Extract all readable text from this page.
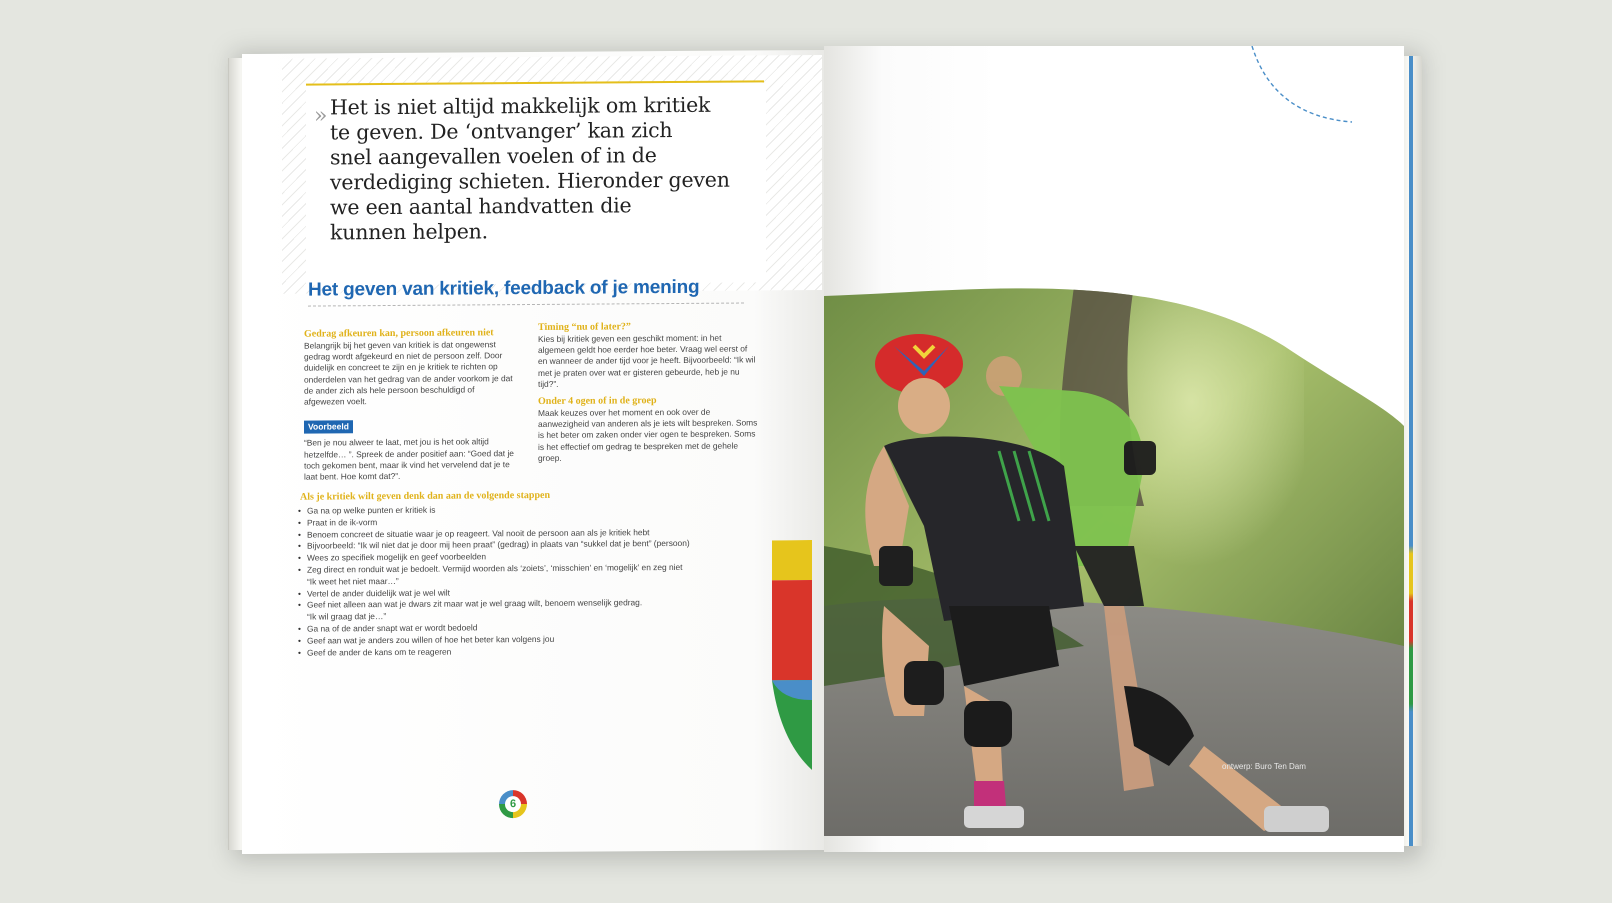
» Het is niet altijd makkelijk om kritiek
te geven. De ‘ontvanger’ kan zich
snel aangevallen voelen of in de
verdediging schieten. Hieronder geven
we een aantal handvatten die
kunnen helpen.
Het geven van kritiek, feedback of je mening
Gedrag afkeuren kan, persoon afkeuren niet

Belangrijk bij het geven van kritiek is dat ongewenst gedrag wordt afgekeurd en niet de persoon zelf. Door duidelijk en concreet te zijn en je kritiek te richten op onderdelen van het gedrag van de ander voorkom je dat de ander zich als hele persoon beschuldigd of afgewezen voelt.

Voorbeeld

“Ben je nou alweer te laat, met jou is het ook altijd hetzelfde… ”. Spreek de ander positief aan: “Goed dat je toch gekomen bent, maar ik vind het vervelend dat je te laat bent. Hoe komt dat?”.

Timing “nu of later?”

Kies bij kritiek geven een geschikt moment: in het algemeen geldt hoe eerder hoe beter. Vraag wel eerst of en wanneer de ander tijd voor je heeft. Bijvoorbeeld: “Ik wil met je praten over wat er gisteren gebeurde, heb je nu tijd?”.

Onder 4 ogen of in de groep

Maak keuzes over het moment en ook over de aanwezigheid van anderen als je iets wilt bespreken. Soms is het beter om zaken onder vier ogen te bespreken. Soms is het effectief om gedrag te bespreken met de gehele groep.

Als je kritiek wilt geven denk dan aan de volgende stappen
• Ga na op welke punten er kritiek is
• Praat in de ik-vorm
• Benoem concreet de situatie waar je op reageert. Val nooit de persoon aan als je kritiek hebt
• Bijvoorbeeld: “Ik wil niet dat je door mij heen praat” (gedrag) in plaats van “sukkel dat je bent” (persoon)
• Wees zo specifiek mogelijk en geef voorbeelden
• Zeg direct en ronduit wat je bedoelt. Vermijd woorden als ‘zoiets’, ‘misschien’ en ‘mogelijk’ en zeg niet
“Ik weet het niet maar…”
• Vertel de ander duidelijk wat je wel wilt
• Geef niet alleen aan wat je dwars zit maar wat je wel graag wilt, benoem wenselijk gedrag.
“Ik wil graag dat je…”
• Ga na of de ander snapt wat er wordt bedoeld
• Geef aan wat je anders zou willen of hoe het beter kan volgens jou
• Geef de ander de kans om te reageren
6
ontwerp: Buro Ten Dam
